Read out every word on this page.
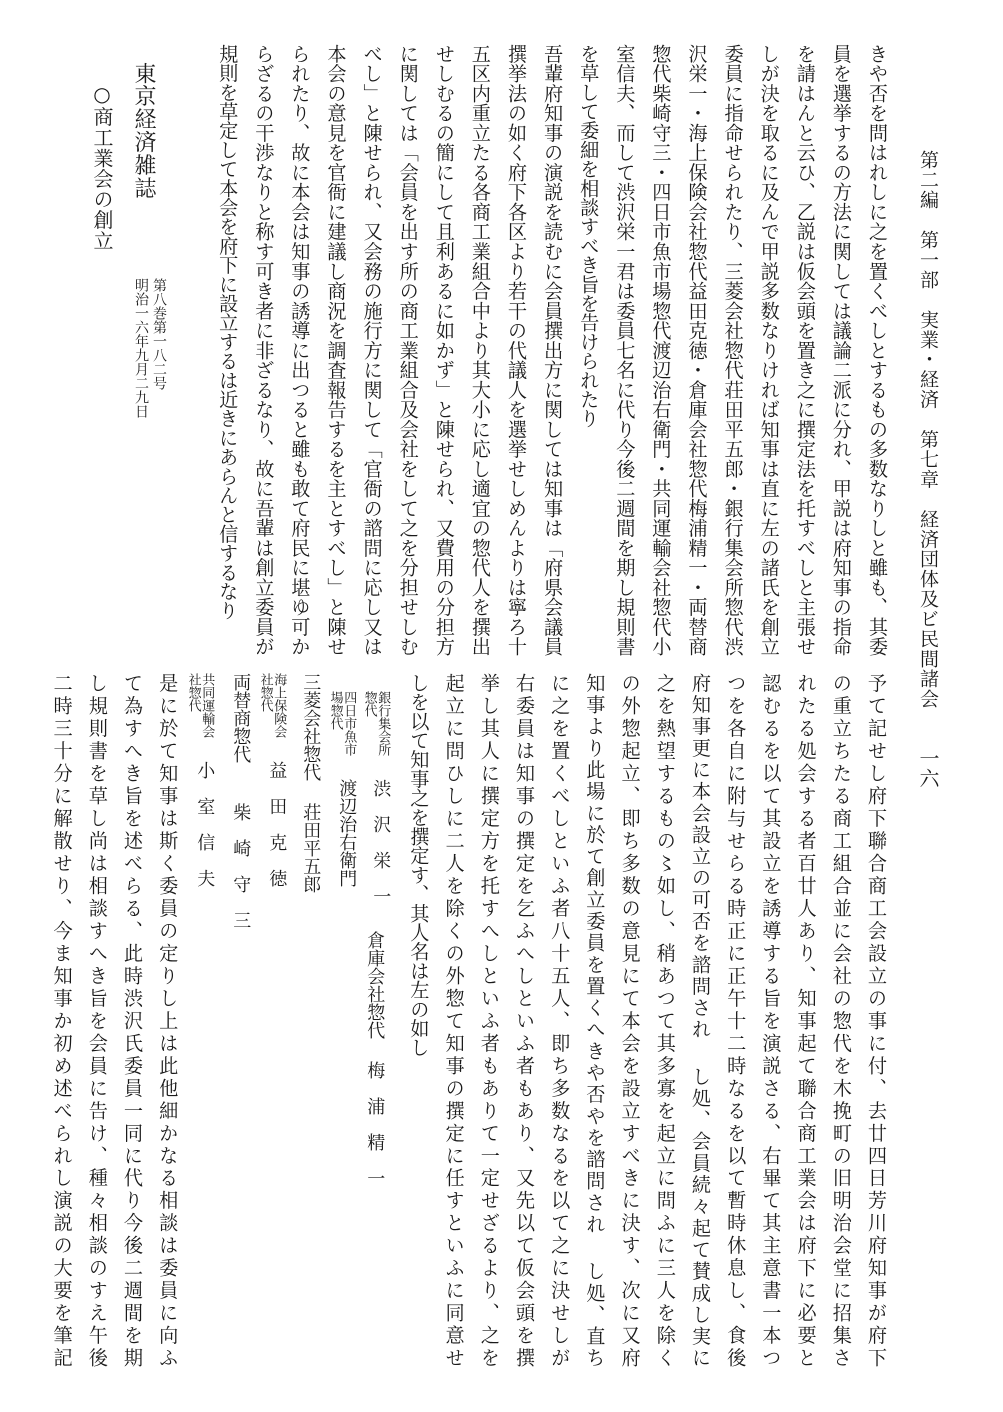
第二編　第一部　実業・経済　第七章　経済団体及ビ民間諸会
一六
きや否を問はれしに之を置くべしとするもの多数なりしと雖も、其委
員を選挙するの方法に関しては議論二派に分れ、甲説は府知事の指命
を請はんと云ひ、乙説は仮会頭を置き之に撰定法を托すべしと主張せ
しが決を取るに及んで甲説多数なりければ知事は直に左の諸氏を創立
委員に指命せられたり、三菱会社惣代荘田平五郎・銀行集会所惣代渋
沢栄一・海上保険会社惣代益田克徳・倉庫会社惣代梅浦精一・両替商
惣代柴崎守三・四日市魚市場惣代渡辺治右衛門・共同運輸会社惣代小
室信夫、而して渋沢栄一君は委員七名に代り今後二週間を期し規則書
を草して委細を相談すべき旨を告けられたり
吾輩府知事の演説を読むに会員撰出方に関しては知事は「府県会議員
撰挙法の如く府下各区より若干の代議人を選挙せしめんよりは寧ろ十
五区内重立たる各商工業組合中より其大小に応し適宜の惣代人を撰出
せしむるの簡にして且利あるに如かず」と陳せられ、又費用の分担方
に関しては「会員を出す所の商工業組合及会社をして之を分担せしむ
べし」と陳せられ、又会務の施行方に関して「官衙の諮問に応し又は
本会の意見を官衙に建議し商況を調査報告するを主とすべし」と陳せ
られたり、故に本会は知事の誘導に出つると雖も敢て府民に堪ゆ可か
らざるの干渉なりと称す可き者に非ざるなり、故に吾輩は創立委員が
規則を草定して本会を府下に設立するは近きにあらんと信するなり
予て記せし府下聯合商工会設立の事に付、去廿四日芳川府知事が府下
の重立ちたる商工組合並に会社の惣代を木挽町の旧明治会堂に招集さ
れたる処会する者百廿人あり、知事起て聯合商工業会は府下に必要と
認むるを以て其設立を誘導する旨を演説さる、右畢て其主意書一本つ
つを各自に附与せらる時正に正午十二時なるを以て暫時休息し、食後
府知事更に本会設立の可否を諮問され し処、会員続々起て賛成し実に
之を熱望するもの〻如し、稍あつて其多寡を起立に問ふに三人を除く
の外惣起立、即ち多数の意見にて本会を設立すべきに決す、次に又府
知事より此場に於て創立委員を置くへきや否やを諮問され し処、直ち
に之を置くべしといふ者八十五人、即ち多数なるを以て之に決せしが
右委員は知事の撰定を乞ふへしといふ者もあり、又先以て仮会頭を撰
挙し其人に撰定方を托すへしといふ者もありて一定せざるより、之を
起立に問ひしに二人を除くの外惣て知事の撰定に任すといふに同意せ
しを以て知事之を撰定す、其人名は左の如し
銀行集会所惣代
渋　沢　栄　一
四日市魚市場惣代
渡辺治右衛門
倉庫会社惣代
梅　浦　精　一
三菱会社惣代
荘田平五郎
海上保険会社惣代
益　田　克　徳
両替商惣代
柴　崎　守　三
共同運輸会社惣代
小　室　信　夫
是に於て知事は斯く委員の定りし上は此他細かなる相談は委員に向ふ
て為すへき旨を述べらる、此時渋沢氏委員一同に代り今後二週間を期
し規則書を草し尚は相談すへき旨を会員に告け、種々相談のすえ午後
二時三十分に解散せり、今ま知事か初め述べられし演説の大要を筆記
東京経済雑誌
第八巻第一八二号
明治一六年九月二九日
○商工業会の創立
